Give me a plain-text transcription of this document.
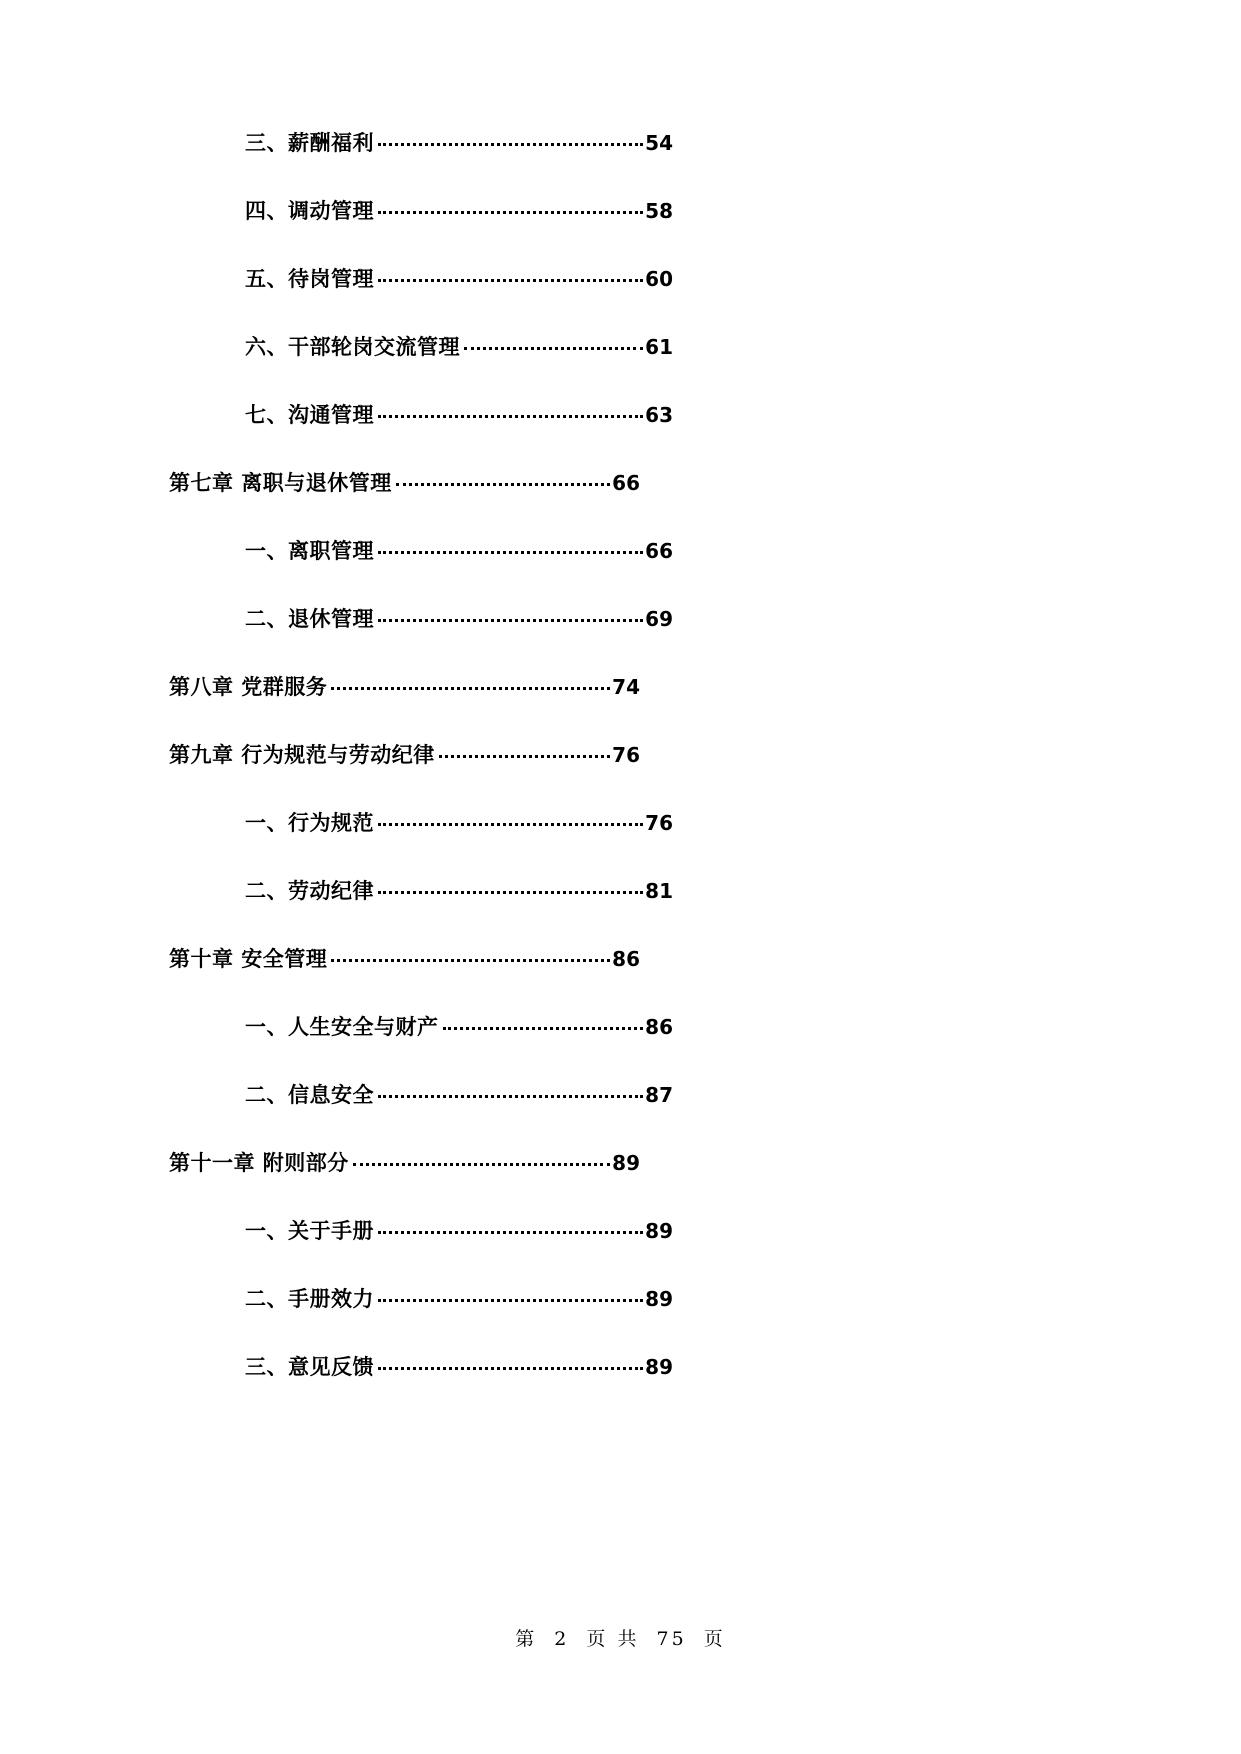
三、薪酬福利	54
四、调动管理	58
五、待岗管理	60
六、干部轮岗交流管理	61
七、沟通管理	63
第七章 离职与退休管理	66
一、离职管理	66
二、退休管理	69
第八章 党群服务	74
第九章 行为规范与劳动纪律	76
一、行为规范	76
二、劳动纪律	81
第十章 安全管理	86
一、人生安全与财产	86
二、信息安全	87
第十一章 附则部分	89
一、关于手册	89
二、手册效力	89
三、意见反馈	89
第 2 页 共 75 页
